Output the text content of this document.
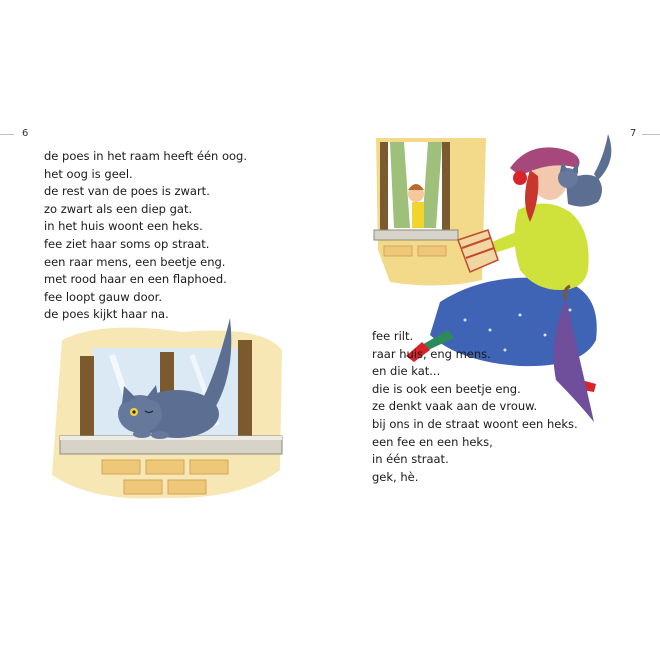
6
de poes in het raam heeft één oog.
het oog is geel.
de rest van de poes is zwart.
zo zwart als een diep gat.
in het huis woont een heks.
fee ziet haar soms op straat.
een raar mens, een beetje eng.
met rood haar en een flaphoed.
fee loopt gauw door.
de poes kijkt haar na.
7
fee rilt.
raar huis, eng mens.
en die kat...
die is ook een beetje eng.
ze denkt vaak aan de vrouw.
bij ons in de straat woont een heks.
een fee en een heks,
in één straat.
gek, hè.
